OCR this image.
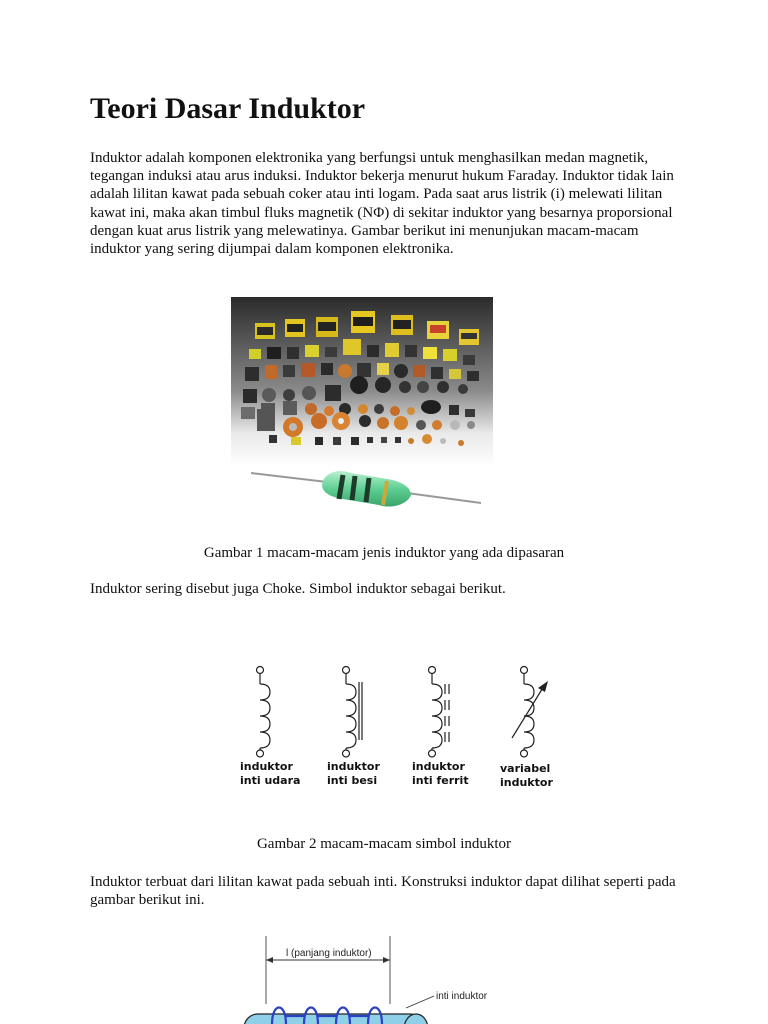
Teori Dasar Induktor

Induktor adalah komponen elektronika yang berfungsi untuk menghasilkan medan magnetik, tegangan induksi atau arus induksi. Induktor bekerja menurut hukum Faraday. Induktor tidak lain adalah lilitan kawat pada sebuah coker atau inti logam. Pada saat arus listrik (i) melewati lilitan kawat ini, maka akan timbul fluks magnetik (NΦ) di sekitar induktor yang besarnya proporsional dengan kuat arus listrik yang melewatinya. Gambar berikut ini menunjukan macam-macam induktor yang sering dijumpai dalam komponen elektronika.

Gambar 1 macam-macam jenis induktor yang ada dipasaran

Induktor sering disebut juga Choke. Simbol induktor sebagai berikut.

induktor
inti udara
induktor
inti besi
induktor
inti ferrit
variabel
induktor

Gambar 2 macam-macam simbol induktor

Induktor terbuat dari lilitan kawat pada sebuah inti. Konstruksi induktor dapat dilihat seperti pada gambar berikut ini.

l (panjang induktor)
inti induktor
